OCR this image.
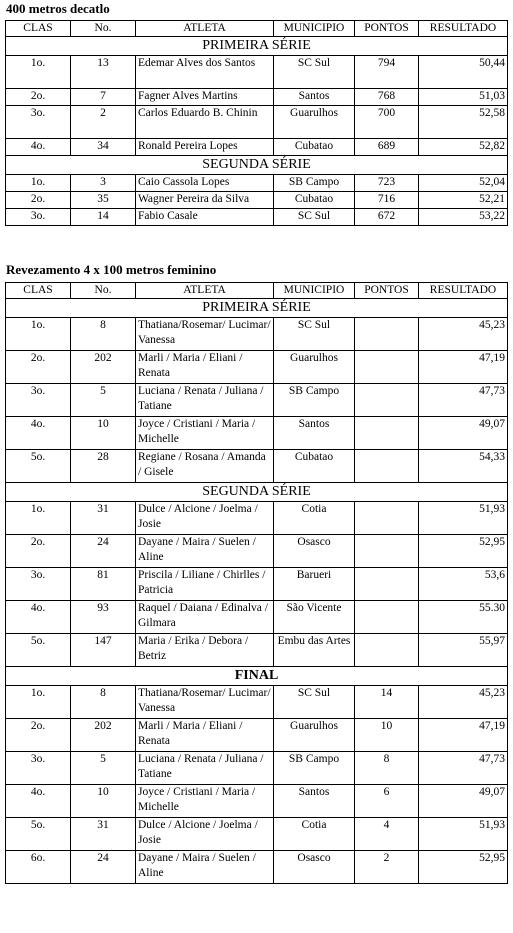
400 metros decatlo
CLAS	No.	ATLETA	MUNICIPIO	PONTOS	RESULTADO
PRIMEIRA SÉRIE					
1o.	13	Edemar Alves dos Santos	SC Sul	794	50,44
2o.	7	Fagner Alves Martins	Santos	768	51,03
3o.	2	Carlos Eduardo B. Chinin	Guarulhos	700	52,58
4o.	34	Ronald Pereira Lopes	Cubatao	689	52,82
SEGUNDA SÉRIE					
1o.	3	Caio Cassola Lopes	SB Campo	723	52,04
2o.	35	Wagner Pereira da Silva	Cubatao	716	52,21
3o.	14	Fabio Casale	SC Sul	672	53,22
Revezamento 4 x 100 metros feminino
CLAS	No.	ATLETA	MUNICIPIO	PONTOS	RESULTADO
PRIMEIRA SÉRIE					
1o.	8	Thatiana/Rosemar/ Lucimar/ Vanessa	SC Sul		45,23
2o.	202	Marli / Maria / Eliani / Renata	Guarulhos		47,19
3o.	5	Luciana / Renata / Juliana / Tatiane	SB Campo		47,73
4o.	10	Joyce / Cristiani / Maria / Michelle	Santos		49,07
5o.	28	Regiane / Rosana / Amanda / Gisele	Cubatao		54,33
SEGUNDA SÉRIE					
1o.	31	Dulce / Alcione / Joelma / Josie	Cotia		51,93
2o.	24	Dayane / Maira / Suelen / Aline	Osasco		52,95
3o.	81	Priscila / Liliane / Chirlles / Patricia	Barueri		53,6
4o.	93	Raquel / Daiana / Edinalva / Gilmara	São Vicente		55.30
5o.	147	Maria / Erika / Debora / Betriz	Embu das Artes		55,97
FINAL					
1o.	8	Thatiana/Rosemar/ Lucimar/ Vanessa	SC Sul	14	45,23
2o.	202	Marli / Maria / Eliani / Renata	Guarulhos	10	47,19
3o.	5	Luciana / Renata / Juliana / Tatiane	SB Campo	8	47,73
4o.	10	Joyce / Cristiani / Maria / Michelle	Santos	6	49,07
5o.	31	Dulce / Alcione / Joelma / Josie	Cotia	4	51,93
6o.	24	Dayane / Maira / Suelen / Aline	Osasco	2	52,95
